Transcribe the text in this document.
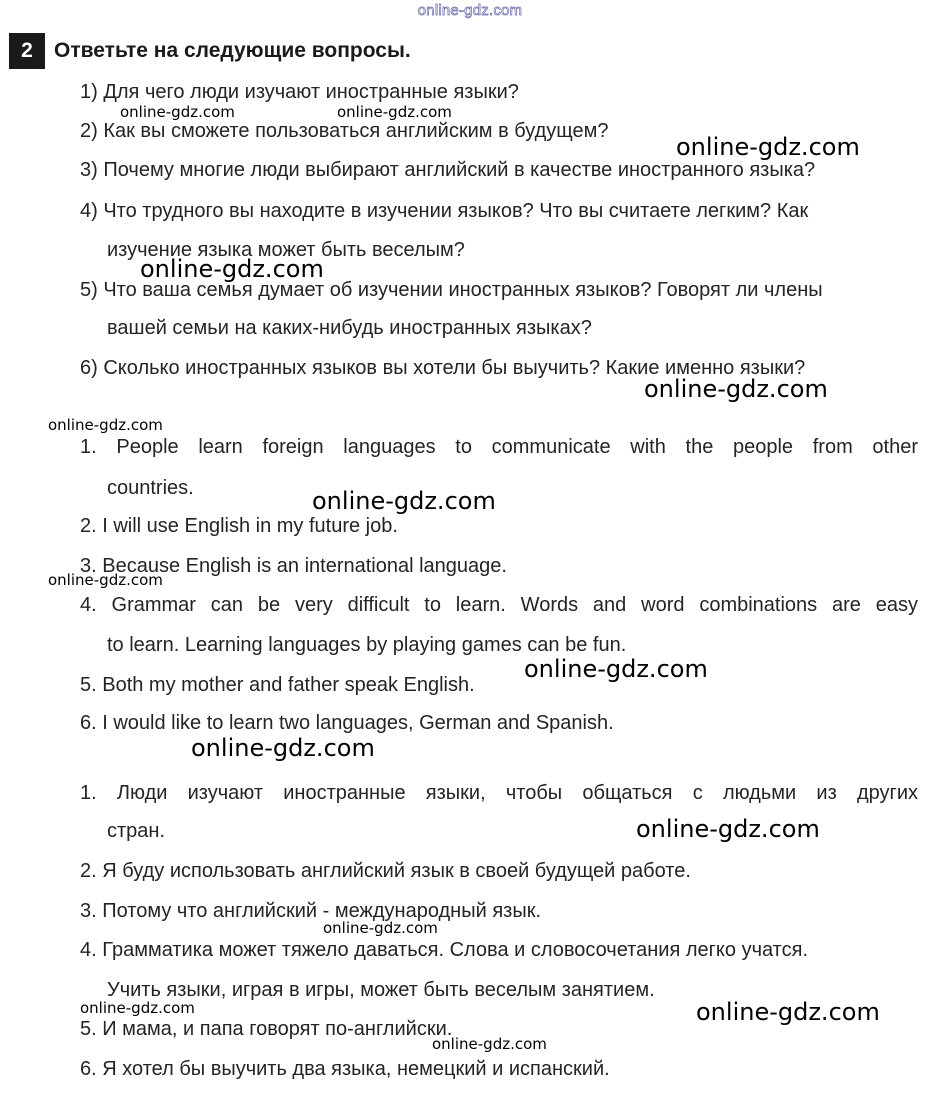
online-gdz.com
2	Ответьте на следующие вопросы.
1) Для чего люди изучают иностранные языки?
2) Как вы сможете пользоваться английским в будущем?
3) Почему многие люди выбирают английский в качестве иностранного языка?
4) Что трудного вы находите в изучении языков? Что вы считаете легким? Как
изучение языка может быть веселым?
5) Что ваша семья думает об изучении иностранных языков? Говорят ли члены
вашей семьи на каких-нибудь иностранных языках?
6) Сколько иностранных языков вы хотели бы выучить? Какие именно языки?
1. People learn foreign languages to communicate with the people from other
countries.
2. I will use English in my future job.
3. Because English is an international language.
4. Grammar can be very difficult to learn. Words and word combinations are easy
to learn. Learning languages by playing games can be fun.
5. Both my mother and father speak English.
6. I would like to learn two languages, German and Spanish.
1. Люди изучают иностранные языки, чтобы общаться с людьми из других
стран.
2. Я буду использовать английский язык в своей будущей работе.
3. Потому что английский - международный язык.
4. Грамматика может тяжело даваться. Слова и словосочетания легко учатся.
Учить языки, играя в игры, может быть веселым занятием.
5. И мама, и папа говорят по-английски.
6. Я хотел бы выучить два языка, немецкий и испанский.
online-gdz.com	online-gdz.com
online-gdz.com
online-gdz.com
online-gdz.com
online-gdz.com
online-gdz.com
online-gdz.com
online-gdz.com
online-gdz.com
online-gdz.com
online-gdz.com
online-gdz.com	online-gdz.com
online-gdz.com
